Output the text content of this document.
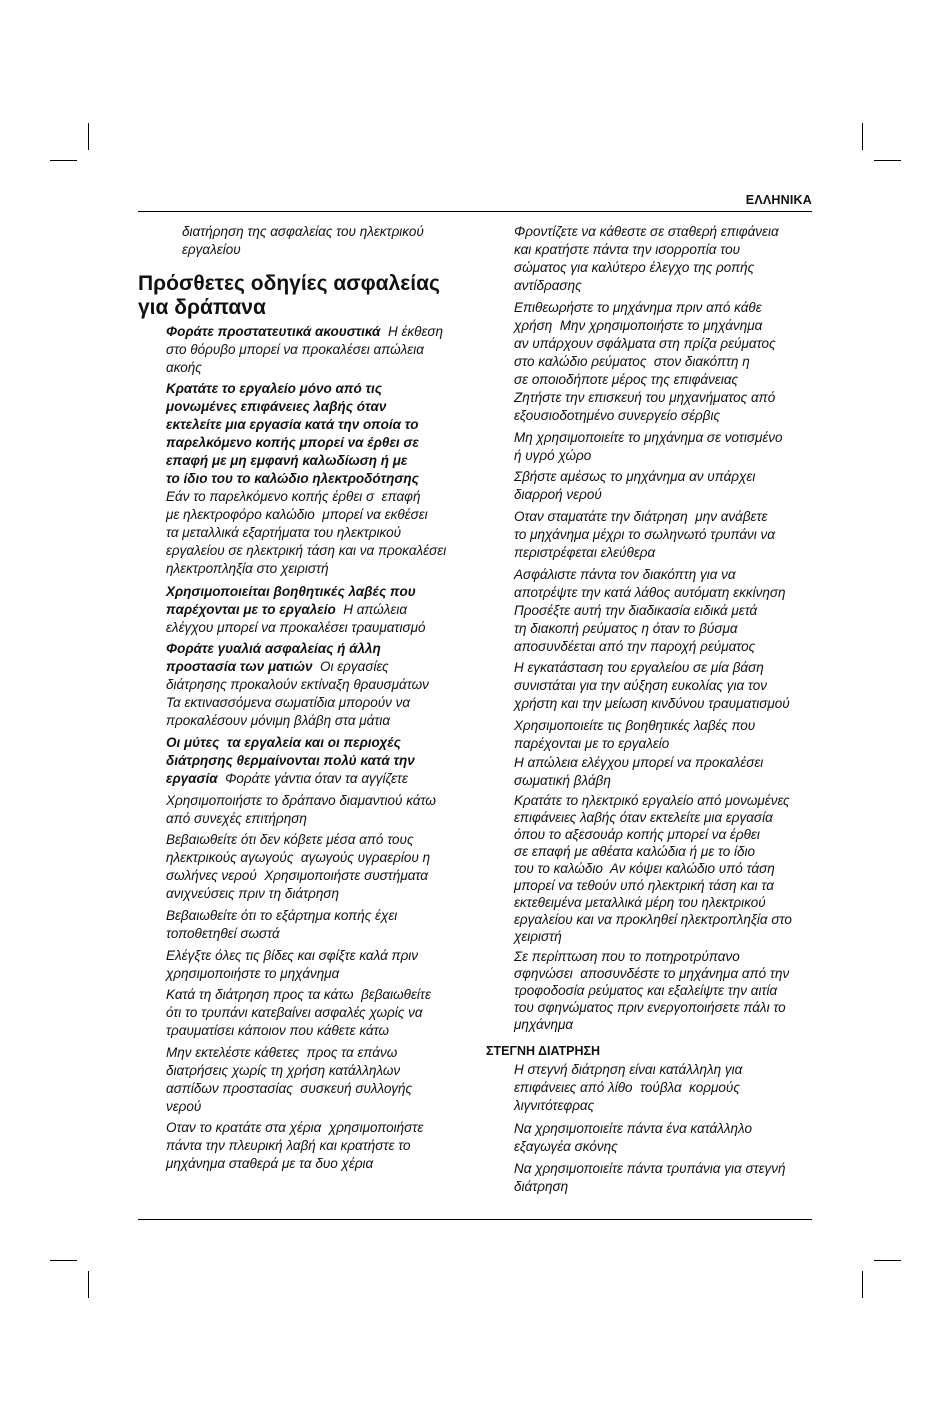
ΕΛΛΗΝΙΚΑ
διατήρηση της ασφαλείας του ηλεκτρικού
εργαλείου
Πρόσθετες οδηγίες ασφαλείας
για δράπανα
Φοράτε προστατευτικά ακουστικά  Η έκθεση
στο θόρυβο μπορεί να προκαλέσει απώλεια
ακοής
Κρατάτε το εργαλείο μόνο από τις
μονωμένες επιφάνειες λαβής όταν
εκτελείτε μια εργασία κατά την οποία το
παρελκόμενο κοπής μπορεί να έρθει σε
επαφή με μη εμφανή καλωδίωση ή με
το ίδιο του το καλώδιο ηλεκτροδότησης
Εάν το παρελκόμενο κοπής έρθει σ  επαφή
με ηλεκτροφόρο καλώδιο  μπορεί να εκθέσει
τα μεταλλικά εξαρτήματα του ηλεκτρικού
εργαλείου σε ηλεκτρική τάση και να προκαλέσει
ηλεκτροπληξία στο χειριστή
Χρησιμοποιείται βοηθητικές λαβές που
παρέχονται με το εργαλείο  Η απώλεια
ελέγχου μπορεί να προκαλέσει τραυματισμό
Φοράτε γυαλιά ασφαλείας ή άλλη
προστασία των ματιών  Οι εργασίες
διάτρησης προκαλούν εκτίναξη θραυσμάτων
Τα εκτινασσόμενα σωματίδια μπορούν να
προκαλέσουν μόνιμη βλάβη στα μάτια
Οι μύτες  τα εργαλεία και οι περιοχές
διάτρησης θερμαίνονται πολύ κατά την
εργασία  Φοράτε γάντια όταν τα αγγίζετε
Χρησιμοποιήστε το δράπανο διαμαντιού κάτω
από συνεχές επιτήρηση
Βεβαιωθείτε ότι δεν κόβετε μέσα από τους
ηλεκτρικούς αγωγούς  αγωγούς υγραερίου η
σωλήνες νερού  Χρησιμοποιήστε συστήματα
ανιχνεύσεις πριν τη διάτρηση
Βεβαιωθείτε ότι το εξάρτημα κοπής έχει
τοποθετηθεί σωστά
Ελέγξτε όλες τις βίδες και σφίξτε καλά πριν
χρησιμοποιήστε το μηχάνημα
Κατά τη διάτρηση προς τα κάτω  βεβαιωθείτε
ότι το τρυπάνι κατεβαίνει ασφαλές χωρίς να
τραυματίσει κάποιον που κάθετε κάτω
Μην εκτελέστε κάθετες  προς τα επάνω
διατρήσεις χωρίς τη χρήση κατάλληλων
ασπίδων προστασίας  συσκευή συλλογής
νερού
Οταν το κρατάτε στα χέρια  χρησιμοποιήστε
πάντα την πλευρική λαβή και κρατήστε το
μηχάνημα σταθερά με τα δυο χέρια
Φροντίζετε να κάθεστε σε σταθερή επιφάνεια
και κρατήστε πάντα την ισορροπία του
σώματος για καλύτερο έλεγχο της ροπής
αντίδρασης
Επιθεωρήστε το μηχάνημα πριν από κάθε
χρήση  Μην χρησιμοποιήστε το μηχάνημα
αν υπάρχουν σφάλματα στη πρίζα ρεύματος
στο καλώδιο ρεύματος  στον διακόπτη η
σε οποιοδήποτε μέρος της επιφάνειας
Ζητήστε την επισκευή του μηχανήματος από
εξουσιοδοτημένο συνεργείο σέρβις
Μη χρησιμοποιείτε το μηχάνημα σε νοτισμένο
ή υγρό χώρο
Σβήστε αμέσως το μηχάνημα αν υπάρχει
διαρροή νερού
Οταν σταματάτε την διάτρηση  μην ανάβετε
το μηχάνημα μέχρι το σωληνωτό τρυπάνι να
περιστρέφεται ελεύθερα
Ασφάλιστε πάντα τον διακόπτη για να
αποτρέψτε την κατά λάθος αυτόματη εκκίνηση
Προσέξτε αυτή την διαδικασία ειδικά μετά
τη διακοπή ρεύματος η όταν το βύσμα
αποσυνδέεται από την παροχή ρεύματος
Η εγκατάσταση του εργαλείου σε μία βάση
συνιστάται για την αύξηση ευκολίας για τον
χρήστη και την μείωση κινδύνου τραυματισμού
Χρησιμοποιείτε τις βοηθητικές λαβές που
παρέχονται με το εργαλείο
Η απώλεια ελέγχου μπορεί να προκαλέσει
σωματική βλάβη
Κρατάτε το ηλεκτρικό εργαλείο από μονωμένες
επιφάνειες λαβής όταν εκτελείτε μια εργασία
όπου το αξεσουάρ κοπής μπορεί να έρθει
σε επαφή με αθέατα καλώδια ή με το ίδιο
του το καλώδιο  Αν κόψει καλώδιο υπό τάση
μπορεί να τεθούν υπό ηλεκτρική τάση και τα
εκτεθειμένα μεταλλικά μέρη του ηλεκτρικού
εργαλείου και να προκληθεί ηλεκτροπληξία στο
χειριστή
Σε περίπτωση που το ποτηροτρύπανο
σφηνώσει  αποσυνδέστε το μηχάνημα από την
τροφοδοσία ρεύματος και εξαλείψτε την αιτία
του σφηνώματος πριν ενεργοποιήσετε πάλι το
μηχάνημα
ΣΤΕΓΝΗ ΔΙΑΤΡΗΣΗ
Η στεγνή διάτρηση είναι κατάλληλη για
επιφάνειες από λίθο  τούβλα  κορμούς
λιγνιτότεφρας
Να χρησιμοποιείτε πάντα ένα κατάλληλο
εξαγωγέα σκόνης
Να χρησιμοποιείτε πάντα τρυπάνια για στεγνή
διάτρηση
